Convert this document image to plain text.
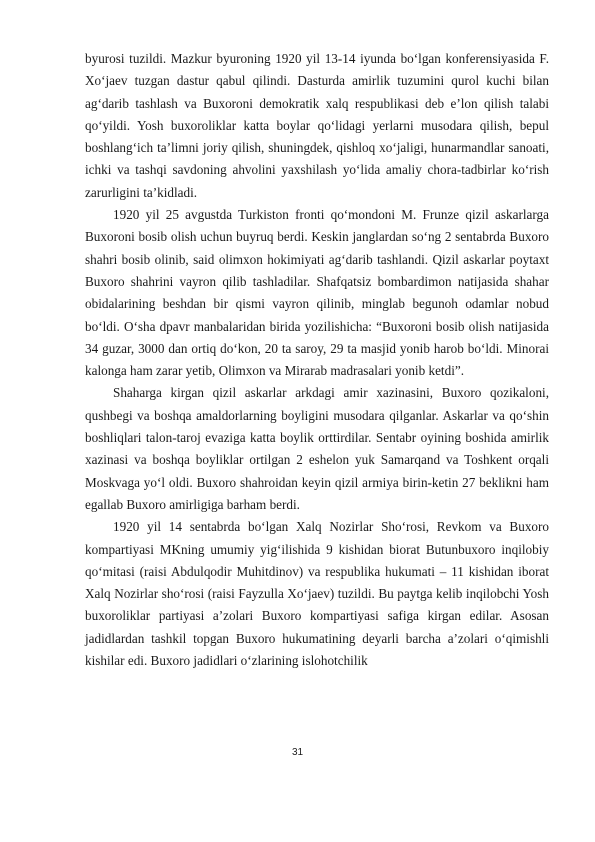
byurosi tuzildi. Mazkur byuroning 1920 yil 13-14 iyunda bo‘lgan konferensiyasida F. Xo‘jaev tuzgan dastur qabul qilindi. Dasturda amirlik tuzumini qurol kuchi bilan ag‘darib tashlash va Buxoroni demokratik xalq respublikasi deb e’lon qilish talabi qo‘yildi. Yosh buxoroliklar katta boylar qo‘lidagi yerlarni musodara qilish, bepul boshlang‘ich ta’limni joriy qilish, shuningdek, qishloq xo‘jaligi, hunarmandlar sanoati, ichki va tashqi savdoning ahvolini yaxshilash yo‘lida amaliy chora-tadbirlar ko‘rish zarurligini ta’kidladi.

1920 yil 25 avgustda Turkiston fronti qo‘mondoni M. Frunze qizil askarlarga Buxoroni bosib olish uchun buyruq berdi. Keskin janglardan so‘ng 2 sentabrda Buxoro shahri bosib olinib, said olimxon hokimiyati ag‘darib tashlandi. Qizil askarlar poytaxt Buxoro shahrini vayron qilib tashladilar. Shafqatsiz bombardimon natijasida shahar obidalarining beshdan bir qismi vayron qilinib, minglab begunoh odamlar nobud bo‘ldi. O‘sha dpavr manbalaridan birida yozilishicha: “Buxoroni bosib olish natijasida 34 guzar, 3000 dan ortiq do‘kon, 20 ta saroy, 29 ta masjid yonib harob bo‘ldi. Minorai kalonga ham zarar yetib, Olimxon va Mirarab madrasalari yonib ketdi”.

Shaharga kirgan qizil askarlar arkdagi amir xazinasini, Buxoro qozikaloni, qushbegi va boshqa amaldorlarning boyligini musodara qilganlar. Askarlar va qo‘shin boshliqlari talon-taroj evaziga katta boylik orttirdilar. Sentabr oyining boshida amirlik xazinasi va boshqa boyliklar ortilgan 2 eshelon yuk Samarqand va Toshkent orqali Moskvaga yo‘l oldi. Buxoro shahroidan keyin qizil armiya birin-ketin 27 beklikni ham egallab Buxoro amirligiga barham berdi.

1920 yil 14 sentabrda bo‘lgan Xalq Nozirlar Sho‘rosi, Revkom va Buxoro kompartiyasi MKning umumiy yig‘ilishida 9 kishidan biorat Butunbuxoro inqilobiy qo‘mitasi (raisi Abdulqodir Muhitdinov) va respublika hukumati – 11 kishidan iborat Xalq Nozirlar sho‘rosi (raisi Fayzulla Xo‘jaev) tuzildi. Bu paytga kelib inqilobchi Yosh buxoroliklar partiyasi a’zolari Buxoro kompartiyasi safiga kirgan edilar. Asosan jadidlardan tashkil topgan Buxoro hukumatining deyarli barcha a’zolari o‘qimishli kishilar edi. Buxoro jadidlari o‘zlarining islohotchilik

31
